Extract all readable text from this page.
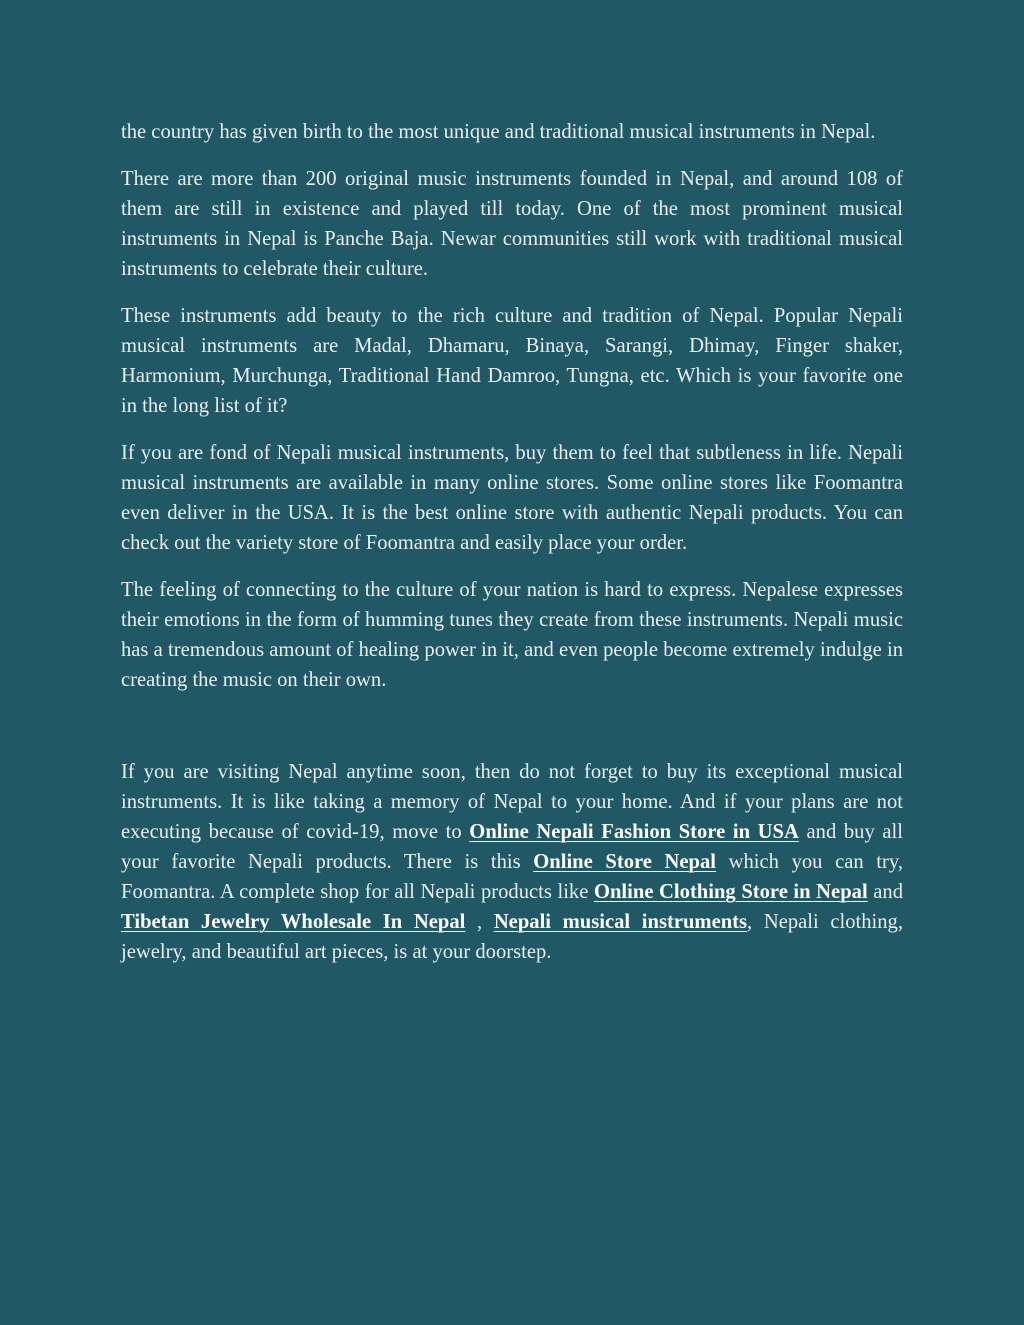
the country has given birth to the most unique and traditional musical instruments in Nepal.

There are more than 200 original music instruments founded in Nepal, and around 108 of them are still in existence and played till today. One of the most prominent musical instruments in Nepal is Panche Baja. Newar communities still work with traditional musical instruments to celebrate their culture.

These instruments add beauty to the rich culture and tradition of Nepal. Popular Nepali musical instruments are Madal, Dhamaru, Binaya, Sarangi, Dhimay, Finger shaker, Harmonium, Murchunga, Traditional Hand Damroo, Tungna, etc. Which is your favorite one in the long list of it?

If you are fond of Nepali musical instruments, buy them to feel that subtleness in life. Nepali musical instruments are available in many online stores. Some online stores like Foomantra even deliver in the USA. It is the best online store with authentic Nepali products. You can check out the variety store of Foomantra and easily place your order.

The feeling of connecting to the culture of your nation is hard to express. Nepalese expresses their emotions in the form of humming tunes they create from these instruments. Nepali music has a tremendous amount of healing power in it, and even people become extremely indulge in creating the music on their own.

If you are visiting Nepal anytime soon, then do not forget to buy its exceptional musical instruments. It is like taking a memory of Nepal to your home. And if your plans are not executing because of covid-19, move to Online Nepali Fashion Store in USA and buy all your favorite Nepali products. There is this Online Store Nepal which you can try, Foomantra. A complete shop for all Nepali products like Online Clothing Store in Nepal and Tibetan Jewelry Wholesale In Nepal , Nepali musical instruments, Nepali clothing, jewelry, and beautiful art pieces, is at your doorstep.
